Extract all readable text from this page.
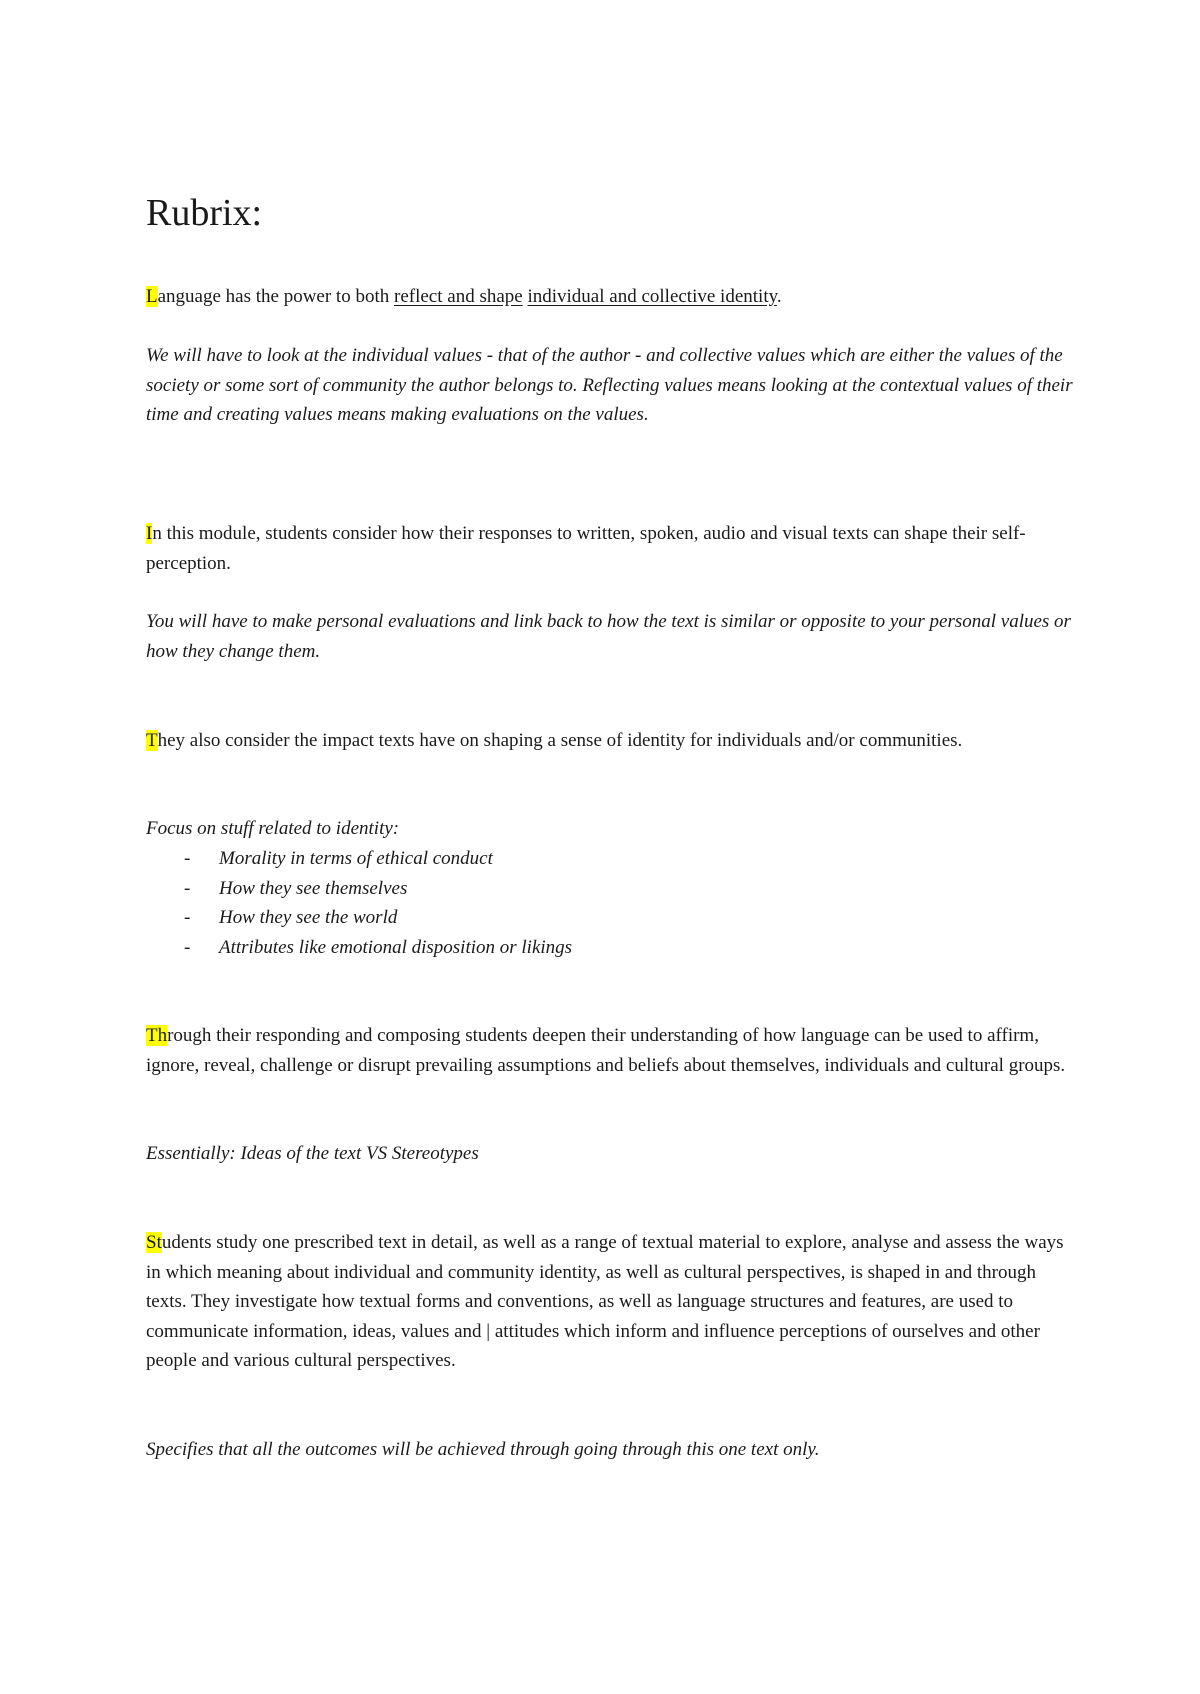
Rubrix:

Language has the power to both reflect and shape individual and collective identity.

We will have to look at the individual values - that of the author - and collective values which are either the values of the society or some sort of community the author belongs to. Reflecting values means looking at the contextual values of their time and creating values means making evaluations on the values.

In this module, students consider how their responses to written, spoken, audio and visual texts can shape their self-perception.

You will have to make personal evaluations and link back to how the text is similar or opposite to your personal values or how they change them.

They also consider the impact texts have on shaping a sense of identity for individuals and/or communities.

Focus on stuff related to identity:

- Morality in terms of ethical conduct
- How they see themselves
- How they see the world
- Attributes like emotional disposition or likings

Through their responding and composing students deepen their understanding of how language can be used to affirm, ignore, reveal, challenge or disrupt prevailing assumptions and beliefs about themselves, individuals and cultural groups.

Essentially: Ideas of the text VS Stereotypes

Students study one prescribed text in detail, as well as a range of textual material to explore, analyse and assess the ways in which meaning about individual and community identity, as well as cultural perspectives, is shaped in and through texts. They investigate how textual forms and conventions, as well as language structures and features, are used to communicate information, ideas, values and | attitudes which inform and influence perceptions of ourselves and other people and various cultural perspectives.

Specifies that all the outcomes will be achieved through going through this one text only.
